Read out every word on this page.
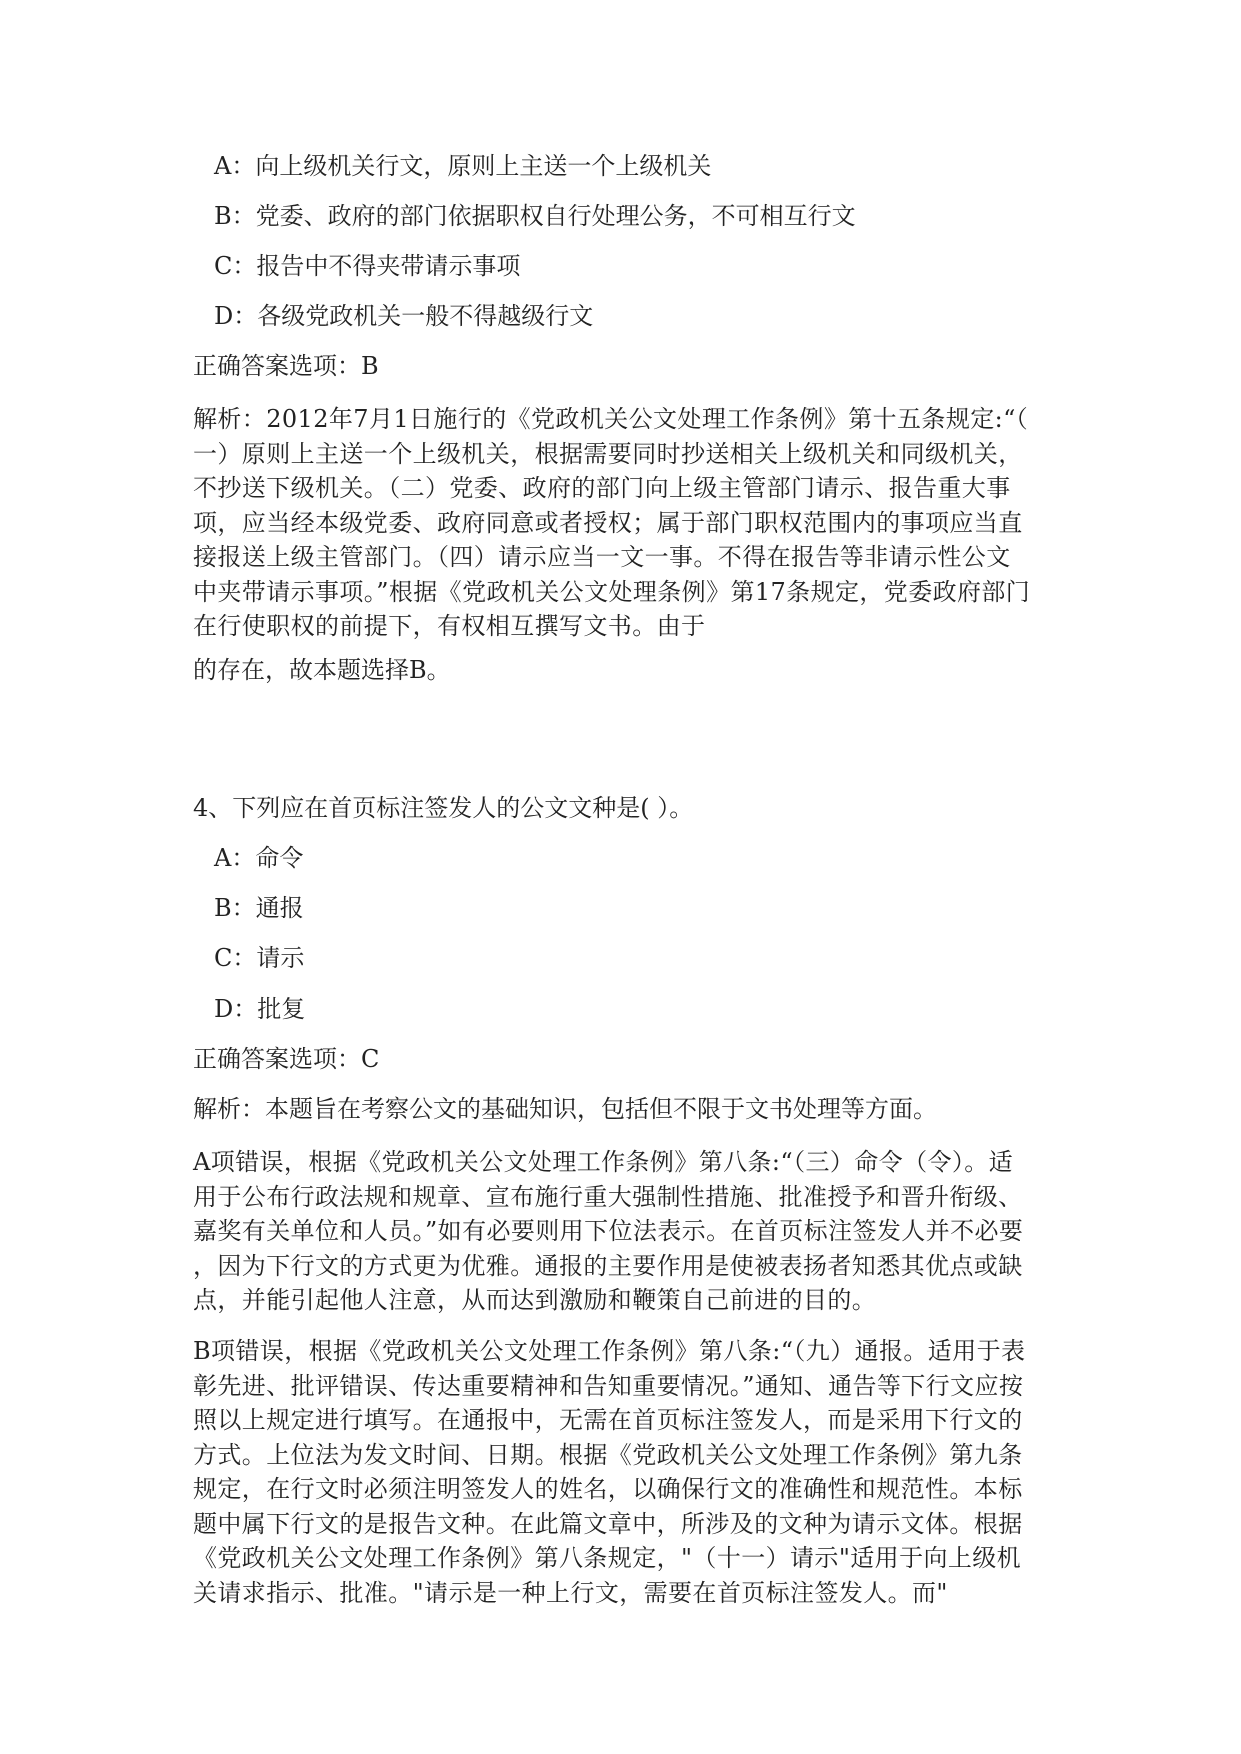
A：向上级机关行文，原则上主送一个上级机关

B：党委、政府的部门依据职权自行处理公务，不可相互行文

C：报告中不得夹带请示事项

D：各级党政机关一般不得越级行文

正确答案选项：B

解析：2012年7月1日施行的《党政机关公文处理工作条例》第十五条规定:“（
一）原则上主送一个上级机关，根据需要同时抄送相关上级机关和同级机关，
不抄送下级机关。（二）党委、政府的部门向上级主管部门请示、报告重大事
项，应当经本级党委、政府同意或者授权；属于部门职权范围内的事项应当直
接报送上级主管部门。（四）请示应当一文一事。不得在报告等非请示性公文
中夹带请示事项。”根据《党政机关公文处理条例》第17条规定，党委政府部门
在行使职权的前提下，有权相互撰写文书。由于

的存在，故本题选择B。

4、下列应在首页标注签发人的公文文种是( ）。

A：命令

B：通报

C：请示

D：批复

正确答案选项：C

解析：本题旨在考察公文的基础知识，包括但不限于文书处理等方面。

A项错误，根据《党政机关公文处理工作条例》第八条:“（三）命令（令）。适
用于公布行政法规和规章、宣布施行重大强制性措施、批准授予和晋升衔级、
嘉奖有关单位和人员。”如有必要则用下位法表示。在首页标注签发人并不必要
，因为下行文的方式更为优雅。通报的主要作用是使被表扬者知悉其优点或缺
点，并能引起他人注意，从而达到激励和鞭策自己前进的目的。
B项错误，根据《党政机关公文处理工作条例》第八条:“（九）通报。适用于表
彰先进、批评错误、传达重要精神和告知重要情况。”通知、通告等下行文应按
照以上规定进行填写。在通报中，无需在首页标注签发人，而是采用下行文的
方式。上位法为发文时间、日期。根据《党政机关公文处理工作条例》第九条
规定，在行文时必须注明签发人的姓名，以确保行文的准确性和规范性。本标
题中属下行文的是报告文种。在此篇文章中，所涉及的文种为请示文体。根据
《党政机关公文处理工作条例》第八条规定，"（十一）请示"适用于向上级机
关请求指示、批准。"请示是一种上行文，需要在首页标注签发人。而"
